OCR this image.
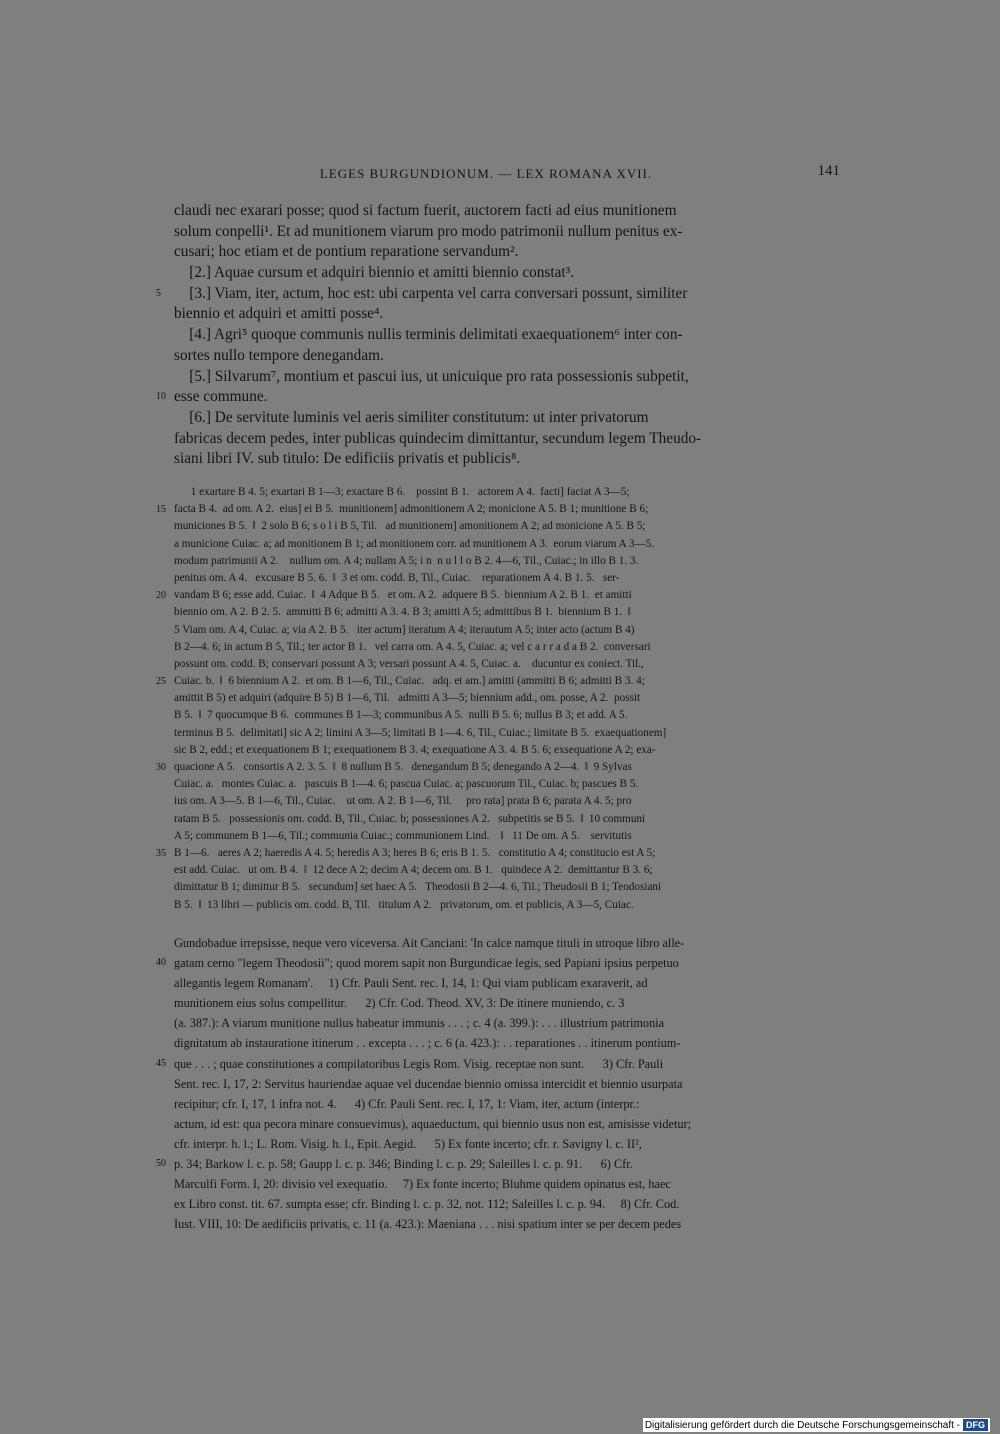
LEGES BURGUNDIONUM. — LEX ROMANA XVII.	141
claudi nec exarari posse; quod si factum fuerit, auctorem facti ad eius munitionem
solum conpelli¹. Et ad munitionem viarum pro modo patrimonii nullum penitus ex-
cusari; hoc etiam et de pontium reparatione servandum².
[2.] Aquae cursum et adquiri biennio et amitti biennio constat³.
5 [3.] Viam, iter, actum, hoc est: ubi carpenta vel carra conversari possunt, similiter
biennio et adquiri et amitti posse⁴.
[4.] Agri⁵ quoque communis nullis terminis delimitati exaequationem⁶ inter con-
sortes nullo tempore denegandam.
[5.] Silvarum⁷, montium et pascui ius, ut unicuique pro rata possessionis subpetit,
10 esse commune.
[6.] De servitute luminis vel aeris similiter constitutum: ut inter privatorum
fabricas decem pedes, inter publicas quindecim dimittantur, secundum legem Theudo-
siani libri IV. sub titulo: De edificiis privatis et publicis⁸.
1 exartare B 4. 5; exartari B 1—3; exactare B 6.    possint B 1.   actorem A 4.  facti] faciat A 3—5;
15 facta B 4.  ad om. A 2.  eius] ei B 5.  munitionem] admonitionem A 2; monicione A 5. B 1; munitione B 6;
municiones B 5.  ‖  2 solo B 6; s o l i B 5, Til.   ad munitionem] amonitionem A 2; ad monicione A 5. B 5;
a municione Cuiac. a; ad monitionem B 1; ad monitionem corr. ad munitionem A 3.  eorum viarum A 3—5.
modum patrimunii A 2.    nullum om. A 4; nullam A 5; i n  n u l l o B 2. 4—6, Til., Cuiac.; in illo B 1. 3.
penitus om. A 4.   excusare B 5. 6.  ‖  3 et om. codd. B, Til., Cuiac.    reparationem A 4. B 1. 5.   ser-
20 vandam B 6; esse add. Cuiac.  ‖  4 Adque B 5.   et om. A 2.  adquere B 5.  biennium A 2. B 1.  et amitti
biennio om. A 2. B 2. 5.  ammitti B 6; admitti A 3. 4. B 3; amitti A 5; admittibus B 1.  biennium B 1.  ‖
5 Viam om. A 4, Cuiac. a; via A 2. B 5.   iter actum] iteratum A 4; iterautum A 5; inter acto (actum B 4)
B 2—4. 6; in actum B 5, Til.; ter actor B 1.   vel carra om. A 4. 5, Cuiac. a; vel c a r r a d a B 2.  conversari
possunt om. codd. B; conservari possunt A 3; versari possunt A 4. 5, Cuiac. a.    ducuntur ex coniect. Til.,
25 Cuiac. b.  ‖  6 biennium A 2.  et om. B 1—6, Til., Cuiac.   adq. et am.] amitti (ammitti B 6; admitti B 3. 4;
amittit B 5) et adquiri (adquire B 5) B 1—6, Til.   admitti A 3—5; biennium add., om. posse, A 2.  possit
B 5.  ‖  7 quocumque B 6.  communes B 1—3; communibus A 5.  nulli B 5. 6; nullus B 3; et add. A 5.
terminus B 5.  delimitati] sic A 2; limini A 3—5; limitati B 1—4. 6, Til., Cuiac.; limitate B 5.  exaequationem]
sic B 2, edd.; et exequationem B 1; exequationem B 3. 4; exequatione A 3. 4. B 5. 6; exsequatione A 2; exa-
30 quacione A 5.   consortis A 2. 3. 5.  ‖  8 nullum B 5.   denegandum B 5; denegando A 2—4.  ‖  9 Sylvas
Cuiac. a.   montes Cuiac. a.   pascuis B 1—4. 6; pascua Cuiac. a; pascuorum Til., Cuiac. b; pascues B 5.
ius om. A 3—5. B 1—6, Til., Cuiac.    ut om. A 2. B 1—6, Til.     pro rata] prata B 6; parata A 4. 5; pro
ratam B 5.   possessionis om. codd. B, Til., Cuiac. b; possessiones A 2.   subpetitis se B 5.  ‖  10 communi
A 5; communem B 1—6, Til.; communia Cuiac.; communionem Lind.    ‖   11 De om. A 5.    servitutis
35 B 1—6.   aeres A 2; haeredis A 4. 5; heredis A 3; heres B 6; eris B 1. 5.   constitutio A 4; constitucio est A 5;
est add. Cuiac.   ut om. B 4.  ‖  12 dece A 2; decim A 4; decem om. B 1.   quindece A 2.  demittantur B 3. 6;
dimittatur B 1; dimittur B 5.   secundum] set haec A 5.   Theodosii B 2—4. 6, Til.; Theudosii B 1; Teodosiani
B 5.  ‖  13 libri — publicis om. codd. B, Til.   titulum A 2.   privatorum, om. et publicis, A 3—5, Cuiac.
Gundobadue irrepsisse, neque vero viceversa. Ait Canciani: 'In calce namque tituli in utroque libro alle-
40 gatam cerno "legem Theodosii"; quod morem sapit non Burgundicae legis, sed Papiani ipsius perpetuo
allegantis legem Romanam'.     1) Cfr. Pauli Sent. rec. I, 14, 1: Qui viam publicam exaraverit, ad
munitionem eius solus compellitur.      2) Cfr. Cod. Theod. XV, 3: De itinere muniendo, c. 3
(a. 387.): A viarum munitione nullus habeatur immunis . . . ; c. 4 (a. 399.): . . . illustrium patrimonia
dignitatum ab instauratione itinerum . . excepta . . . ; c. 6 (a. 423.): . . reparationes . . itinerum pontium-
45 que . . . ; quae constitutiones a compilatoribus Legis Rom. Visig. receptae non sunt.      3) Cfr. Pauli
Sent. rec. I, 17, 2: Servitus hauriendae aquae vel ducendae biennio omissa intercidit et biennio usurpata
recipitur; cfr. I, 17, 1 infra not. 4.      4) Cfr. Pauli Sent. rec. I, 17, 1: Viam, iter, actum (interpr.:
actum, id est: qua pecora minare consuevimus), aquaeductum, qui biennio usus non est, amisisse videtur;
cfr. interpr. h. l.; L. Rom. Visig. h. l., Epit. Aegid.      5) Ex fonte incerto; cfr. r. Savigny l. c. II²,
50 p. 34; Barkow l. c. p. 58; Gaupp l. c. p. 346; Binding l. c. p. 29; Saleilles l. c. p. 91.      6) Cfr.
Marculfi Form. I, 20: divisio vel exequatio.     7) Ex fonte incerto; Bluhme quidem opinatus est, haec
ex Libro const. tit. 67. sumpta esse; cfr. Binding l. c. p. 32, not. 112; Saleilles l. c. p. 94.     8) Cfr. Cod.
Iust. VIII, 10: De aedificiis privatis, c. 11 (a. 423.): Maeniana . . . nisi spatium inter se per decem pedes
Digitalisierung gefördert durch die Deutsche Forschungsgemeinschaft - DFG
